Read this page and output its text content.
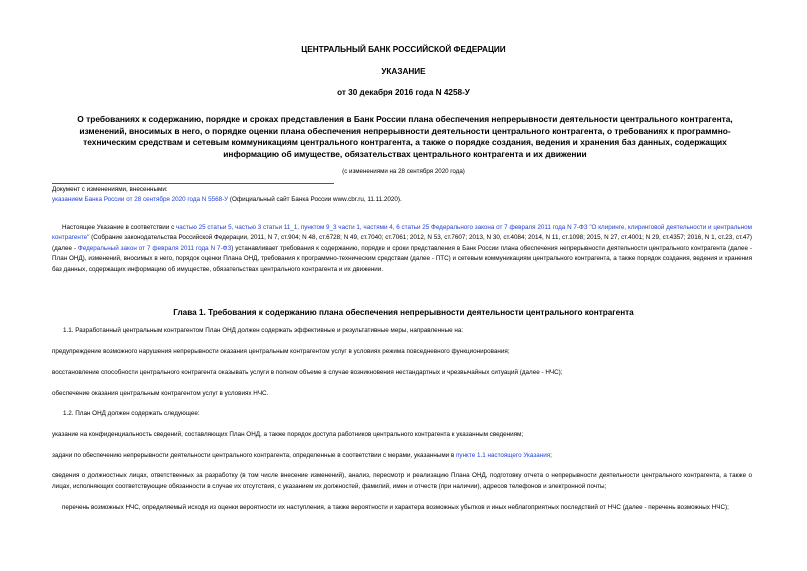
ЦЕНТРАЛЬНЫЙ БАНК РОССИЙСКОЙ ФЕДЕРАЦИИ
УКАЗАНИЕ
от 30 декабря 2016 года N 4258-У
О требованиях к содержанию, порядке и сроках представления в Банк России плана обеспечения непрерывности деятельности центрального контрагента, изменений, вносимых в него, о порядке оценки плана обеспечения непрерывности деятельности центрального контрагента, о требованиях к программно-техническим средствам и сетевым коммуникациям центрального контрагента, а также о порядке создания, ведения и хранения баз данных, содержащих информацию об имуществе, обязательствах центрального контрагента и их движении
(с изменениями на 28 сентября 2020 года)
Документ с изменениями, внесенными:
указанием Банка России от 28 сентября 2020 года N 5568-У (Официальный сайт Банка России www.cbr.ru, 11.11.2020).
Настоящее Указание в соответствии с частью 25 статьи 5, частью 3 статьи 11_1, пунктом 9_3 части 1, частями 4, 6 статьи 25 Федерального закона от 7 февраля 2011 года N 7-ФЗ "О клиринге, клиринговой деятельности и центральном контрагенте" (Собрание законодательства Российской Федерации, 2011, N 7, ст.904; N 48, ст.6728; N 49, ст.7040; ст.7061; 2012, N 53, ст.7607; 2013, N 30, ст.4084; 2014, N 11, ст.1098; 2015, N 27, ст.4001; N 29, ст.4357; 2016, N 1, ст.23, ст.47) (далее - Федеральный закон от 7 февраля 2011 года N 7-ФЗ) устанавливает требования к содержанию, порядке и сроки представления в Банк России плана обеспечения непрерывности деятельности центрального контрагента (далее - План ОНД), изменений, вносимых в него, порядок оценки Плана ОНД, требования к программно-техническим средствам (далее - ПТС) и сетевым коммуникациям центрального контрагента, а также порядок создания, ведения и хранения баз данных, содержащих информацию об имуществе, обязательствах центрального контрагента и их движении.
Глава 1. Требования к содержанию плана обеспечения непрерывности деятельности центрального контрагента
1.1. Разработанный центральным контрагентом План ОНД должен содержать эффективные и результативные меры, направленные на:
предупреждение возможного нарушения непрерывности оказания центральным контрагентом услуг в условиях режима повседневного функционирования;
восстановление способности центрального контрагента оказывать услуги в полном объеме в случае возникновения нестандартных и чрезвычайных ситуаций (далее - НЧС);
обеспечение оказания центральным контрагентом услуг в условиях НЧС.
1.2. План ОНД должен содержать следующее:
указание на конфиденциальность сведений, составляющих План ОНД, а также порядок доступа работников центрального контрагента к указанным сведениям;
задачи по обеспечению непрерывности деятельности центрального контрагента, определенные в соответствии с мерами, указанными в пункте 1.1 настоящего Указания;
сведения о должностных лицах, ответственных за разработку (в том числе внесение изменений), анализ, пересмотр и реализацию Плана ОНД, подготовку отчета о непрерывности деятельности центрального контрагента, а также о лицах, исполняющих соответствующие обязанности в случае их отсутствия, с указанием их должностей, фамилий, имен и отчеств (при наличии), адресов телефонов и электронной почты;
перечень возможных НЧС, определяемый исходя из оценки вероятности их наступления, а также вероятности и характера возможных убытков и иных неблагоприятных последствий от НЧС (далее - перечень возможных НЧС);
